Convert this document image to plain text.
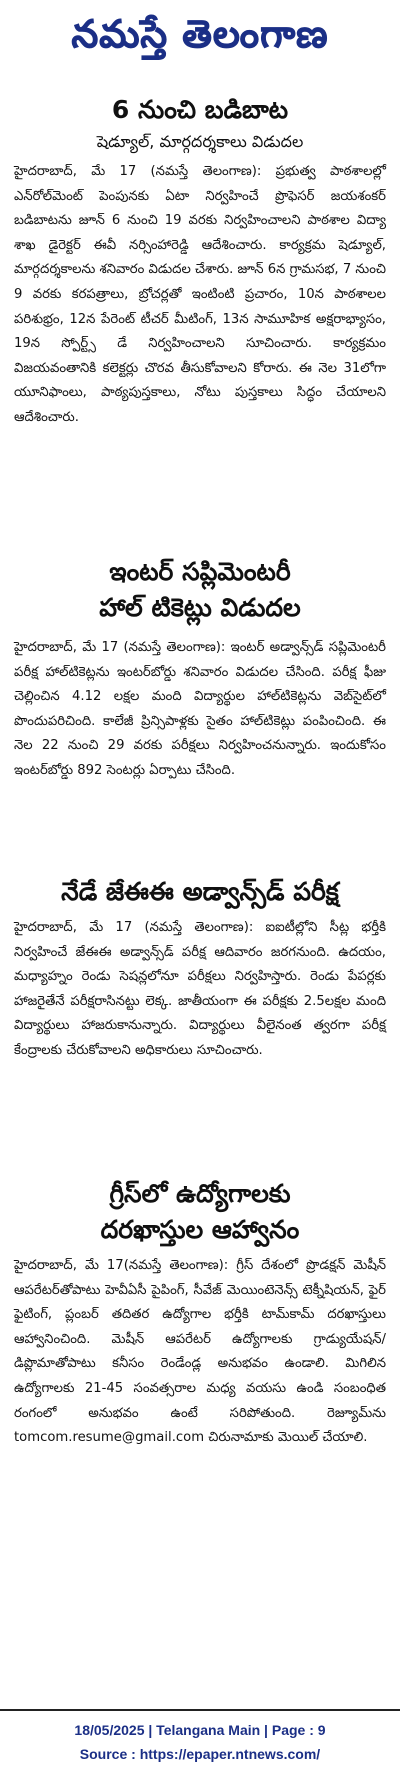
నమస్తే తెలంగాణ
6 నుంచి బడిబాట
షెడ్యూల్, మార్గదర్శకాలు విడుదల

హైదరాబాద్, మే 17 (నమస్తే తెలంగాణ): ప్రభుత్వ పాఠశాలల్లో ఎన్‌రోల్‌మెంట్ పెంపునకు ఏటా నిర్వహించే ప్రొఫెసర్ జయశంకర్ బడిబాటను జూన్ 6 నుంచి 19 వరకు నిర్వహించాలని పాఠశాల విద్యా శాఖ డైరెక్టర్ ఈవీ నర్సింహారెడ్డి ఆదేశించారు. కార్యక్రమ షెడ్యూల్, మార్గదర్శకాలను శనివారం విడుదల చేశారు. జూన్ 6న గ్రామసభ, 7 నుంచి 9 వరకు కరపత్రాలు, బ్రోచర్లతో ఇంటింటి ప్రచారం, 10న పాఠశాలల పరిశుభ్రం, 12న పేరెంట్ టీచర్ మీటింగ్, 13న సామూహిక అక్షరాభ్యాసం, 19న స్పోర్ట్స్ డే నిర్వహించాలని సూచించారు. కార్యక్రమం విజయవంతానికి కలెక్టర్లు చొరవ తీసుకోవాలని కోరారు. ఈ నెల 31లోగా యూనిఫాంలు, పాఠ్యపుస్తకాలు, నోటు పుస్తకాలు సిద్ధం చేయాలని ఆదేశించారు.

ఇంటర్ సప్లిమెంటరీ
హాల్ టికెట్లు విడుదల

హైదరాబాద్, మే 17 (నమస్తే తెలంగాణ): ఇంటర్ అడ్వాన్స్‌డ్ సప్లిమెంటరీ పరీక్ష హాల్‌టికెట్లను ఇంటర్‌బోర్డు శనివారం విడుదల చేసింది. పరీక్ష ఫీజు చెల్లించిన 4.12 లక్షల మంది విద్యార్థుల హాల్‌టికెట్లను వెబ్‌సైట్‌లో పొందుపరిచింది. కాలేజీ ప్రిన్సిపాళ్లకు సైతం హాల్‌టికెట్లు పంపించింది. ఈ నెల 22 నుంచి 29 వరకు పరీక్షలు నిర్వహించనున్నారు. ఇందుకోసం ఇంటర్‌బోర్డు 892 సెంటర్లు ఏర్పాటు చేసింది.

నేడే జేఈఈ అడ్వాన్స్‌డ్ పరీక్ష

హైదరాబాద్, మే 17 (నమస్తే తెలంగాణ): ఐఐటీల్లోని సీట్ల భర్తీకి నిర్వహించే జేఈఈ అడ్వాన్స్‌డ్ పరీక్ష ఆదివారం జరగనుంది. ఉదయం, మధ్యాహ్నం రెండు సెషన్లలోనూ పరీక్షలు నిర్వహిస్తారు. రెండు పేపర్లకు హాజరైతేనే పరీక్షరాసినట్టు లెక్క. జాతీయంగా ఈ పరీక్షకు 2.5లక్షల మంది విద్యార్థులు హాజరుకానున్నారు. విద్యార్థులు వీలైనంత త్వరగా పరీక్ష కేంద్రాలకు చేరుకోవాలని అధికారులు సూచించారు.

గ్రీస్‌లో ఉద్యోగాలకు
దరఖాస్తుల ఆహ్వానం

హైదరాబాద్, మే 17(నమస్తే తెలంగాణ): గ్రీస్ దేశంలో ప్రొడక్షన్ మెషీన్ ఆపరేటర్‌తోపాటు హెవీఏసీ పైపింగ్, సీవేజ్ మెయింటెనెన్స్ టెక్నీషియన్, ఫైర్ ఫైటింగ్, ప్లంబర్ తదితర ఉద్యోగాల భర్తీకి టామ్‌కామ్ దరఖాస్తులు ఆహ్వానించింది. మెషీన్ ఆపరేటర్ ఉద్యోగాలకు గ్రాడ్యుయేషన్/డిప్లొమాతోపాటు కనీసం రెండేండ్ల అనుభవం ఉండాలి. మిగిలిన ఉద్యోగాలకు 21-45 సంవత్సరాల మధ్య వయసు ఉండి సంబంధిత రంగంలో అనుభవం ఉంటే సరిపోతుంది. రెజ్యూమ్‌ను tomcom.resume@gmail.com చిరునామాకు మెయిల్ చేయాలి.

18/05/2025 | Telangana Main | Page : 9
Source : https://epaper.ntnews.com/
